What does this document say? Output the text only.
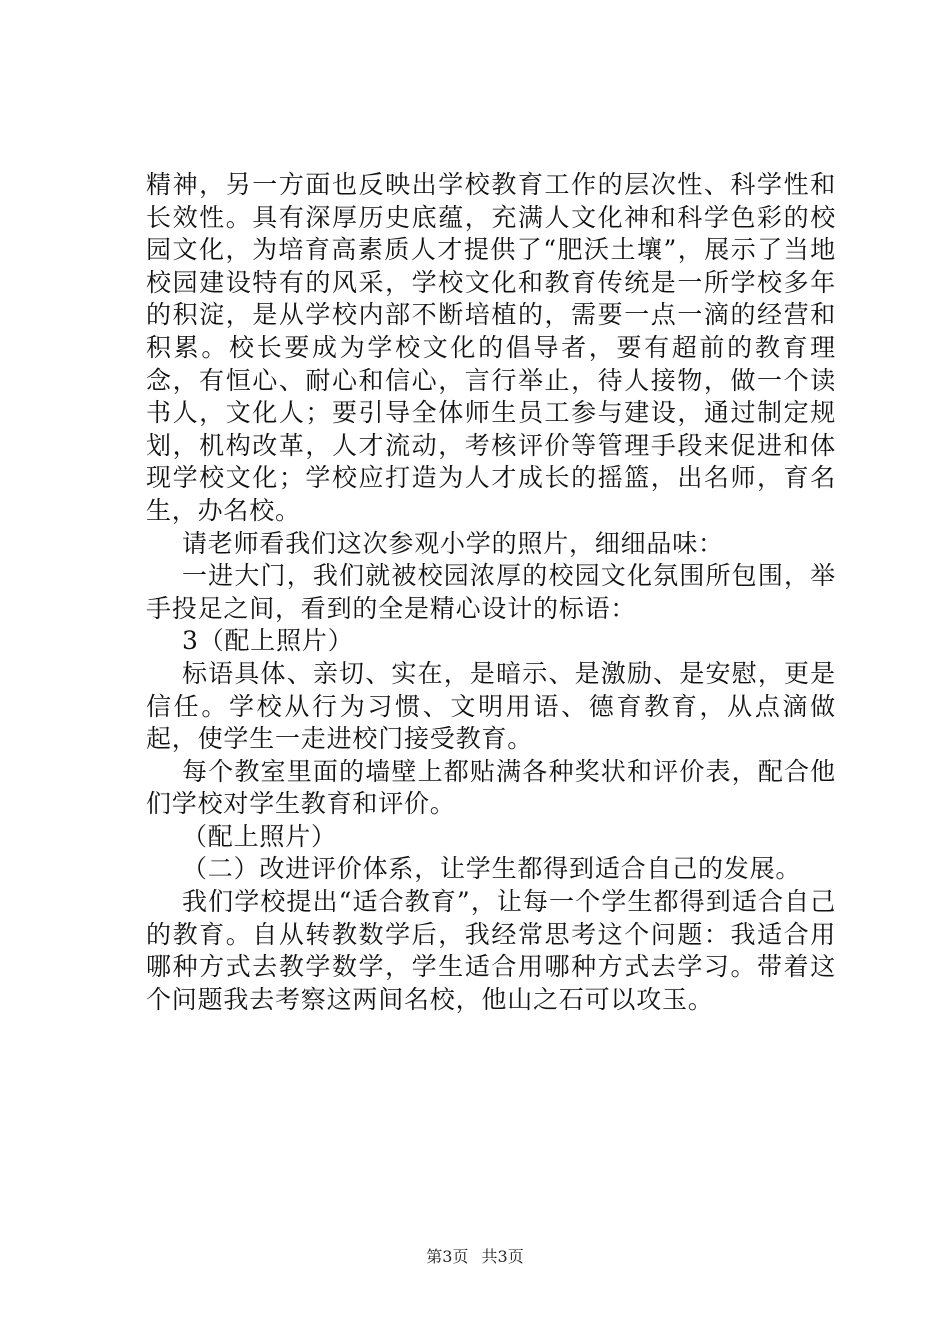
精神，另一方面也反映出学校教育工作的层次性、科学性和长效性。具有深厚历史底蕴，充满人文化神和科学色彩的校园文化，为培育高素质人才提供了“肥沃土壤”，展示了当地校园建设特有的风采，学校文化和教育传统是一所学校多年的积淀，是从学校内部不断培植的，需要一点一滴的经营和积累。校长要成为学校文化的倡导者，要有超前的教育理念，有恒心、耐心和信心，言行举止，待人接物，做一个读书人，文化人；要引导全体师生员工参与建设，通过制定规划，机构改革，人才流动，考核评价等管理手段来促进和体现学校文化；学校应打造为人才成长的摇篮，出名师，育名生，办名校。

请老师看我们这次参观小学的照片，细细品味：

一进大门，我们就被校园浓厚的校园文化氛围所包围，举手投足之间，看到的全是精心设计的标语：

3（配上照片）

标语具体、亲切、实在，是暗示、是激励、是安慰，更是信任。学校从行为习惯、文明用语、德育教育，从点滴做起，使学生一走进校门接受教育。

每个教室里面的墙壁上都贴满各种奖状和评价表，配合他们学校对学生教育和评价。

（配上照片）

（二）改进评价体系，让学生都得到适合自己的发展。

我们学校提出“适合教育”，让每一个学生都得到适合自己的教育。自从转教数学后，我经常思考这个问题：我适合用哪种方式去教学数学，学生适合用哪种方式去学习。带着这个问题我去考察这两间名校，他山之石可以攻玉。

第3页 共3页
